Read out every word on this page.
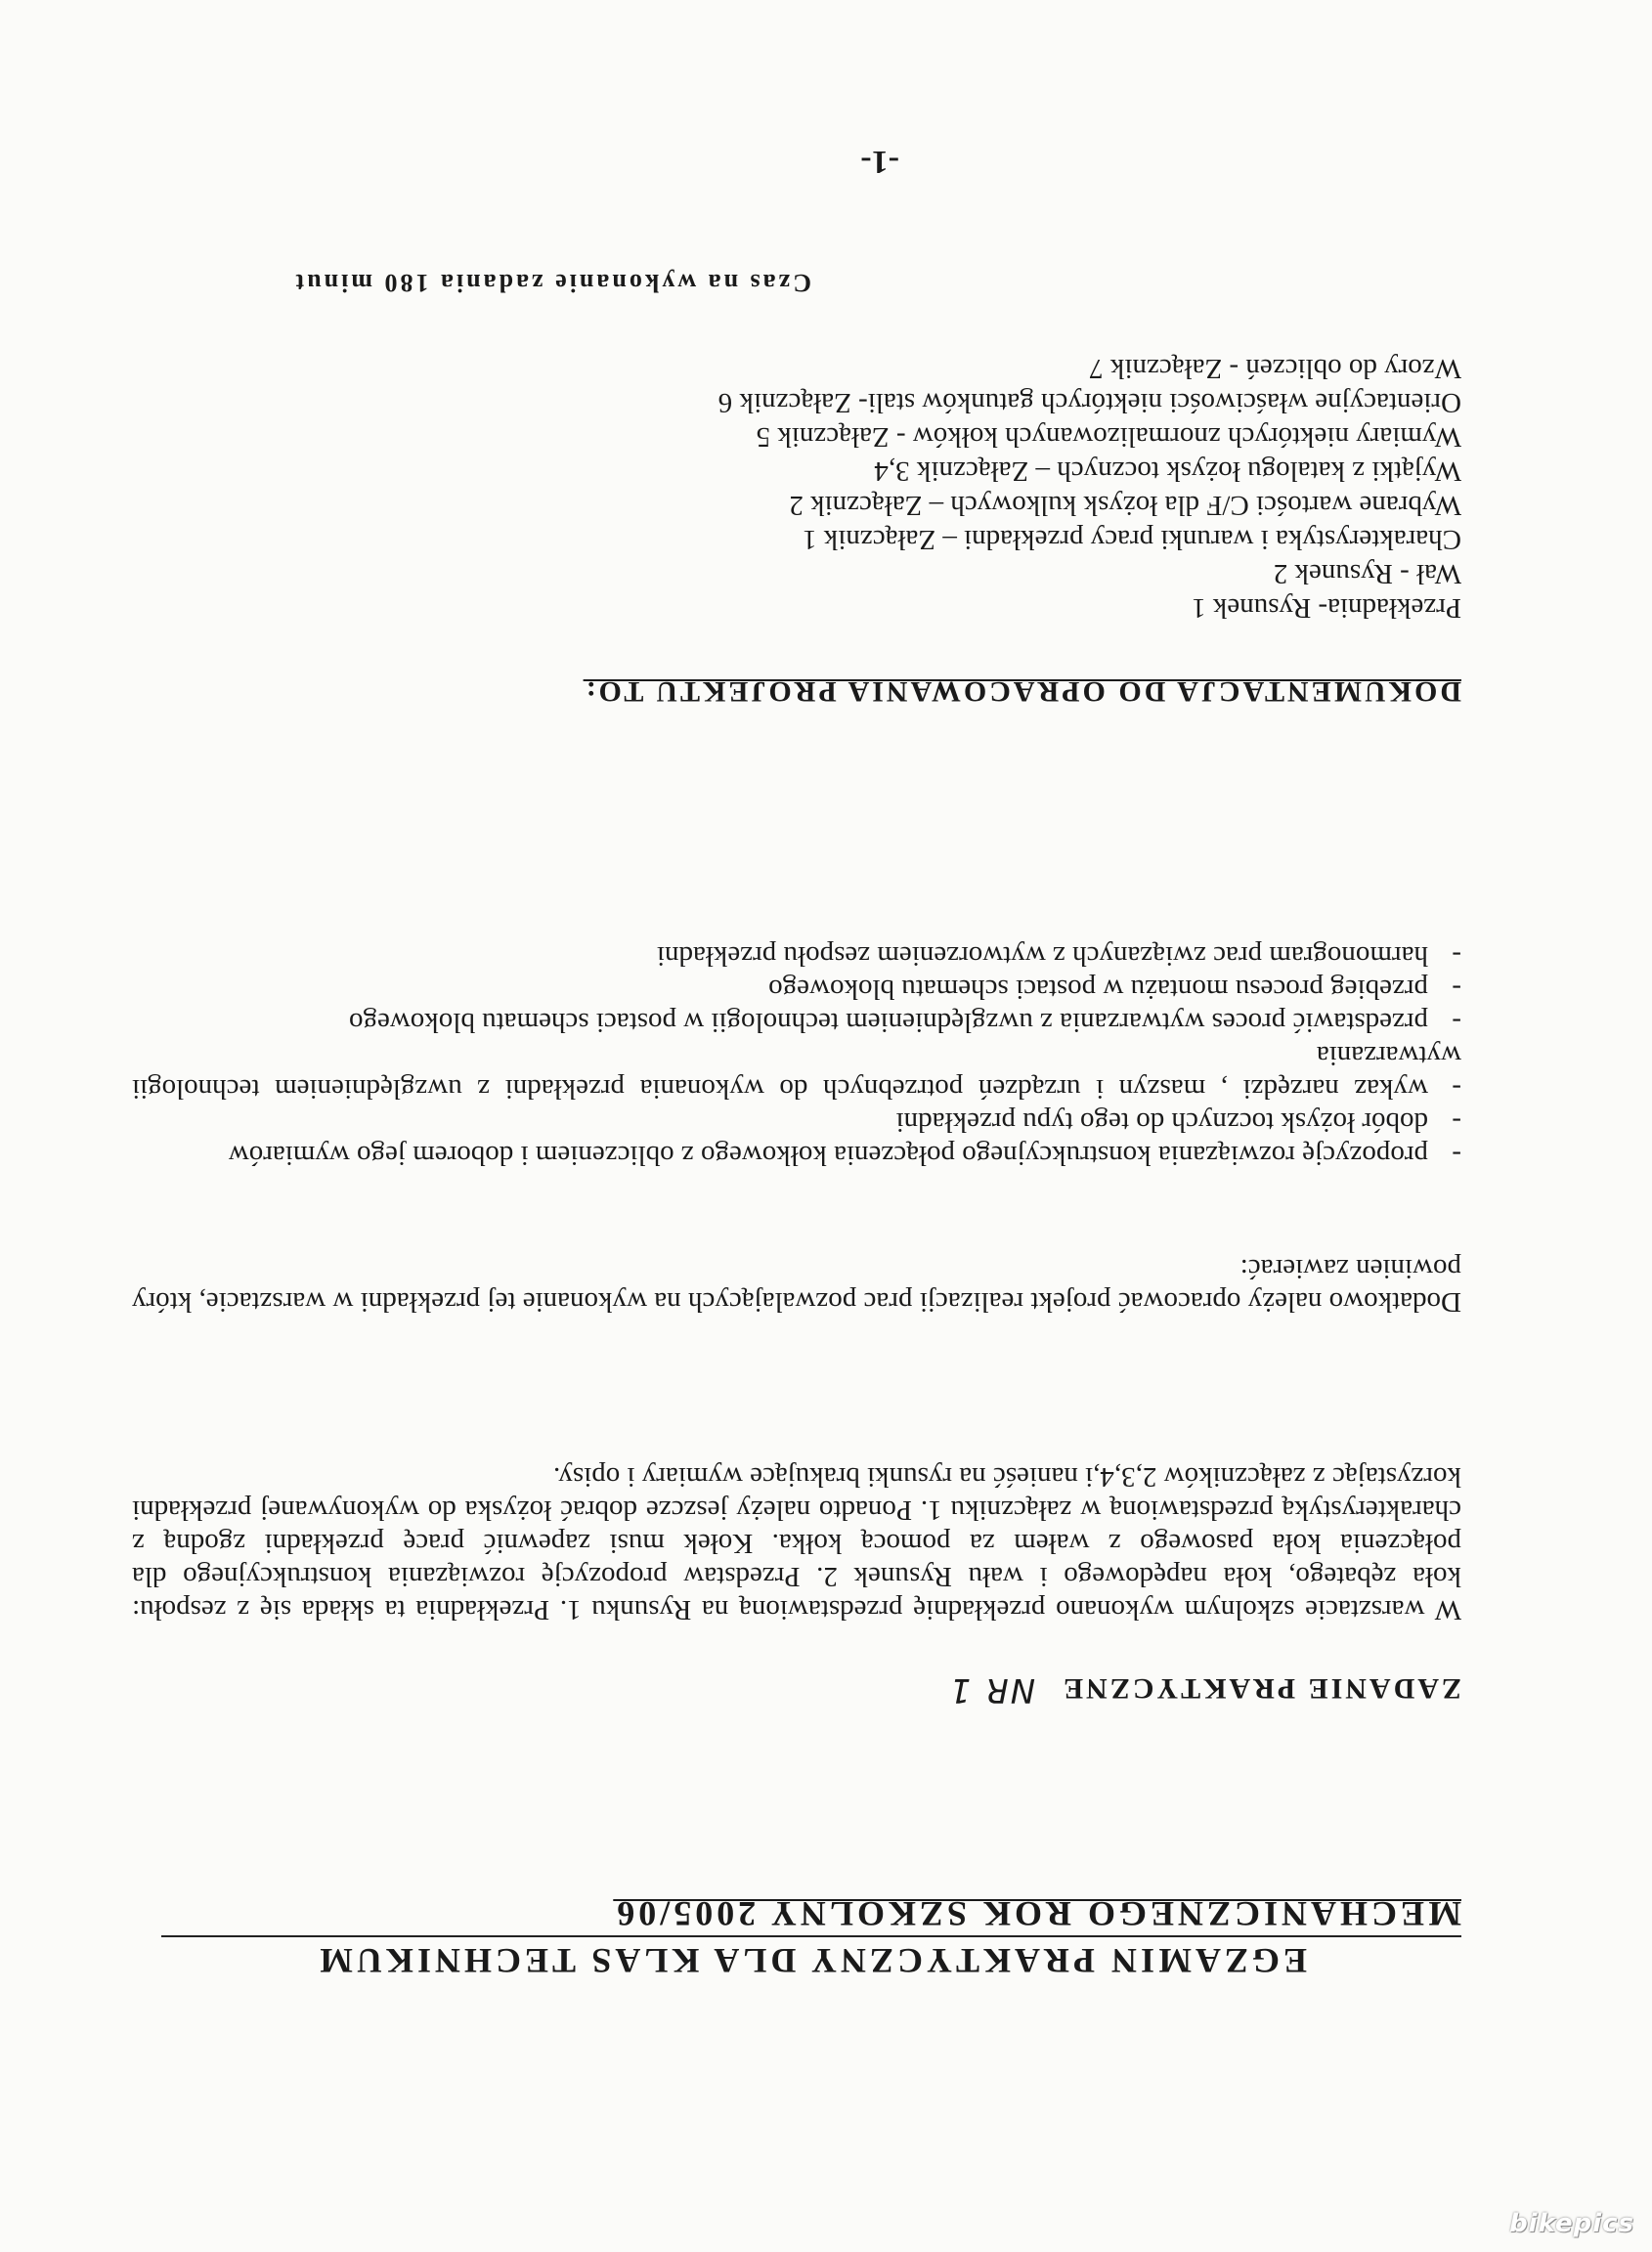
EGZAMIN PRAKTYCZNY DLA KLAS TECHNIKUM
MECHANICZNEGO ROK SZKOLNY 2005/06
ZADANIE PRAKTYCZNENR 1
W warsztacie szkolnym wykonano przekładnię przedstawioną na Rysunku 1. Przekładnia ta składa się z zespołu: koła zębatego, koła napędowego i wału Rysunek 2. Przedstaw propozycję rozwiązania konstrukcyjnego dla połączenia koła pasowego z wałem za pomocą kołka. Kołek musi zapewnić pracę przekładni zgodną z charakterystyką przedstawioną w załączniku 1. Ponadto należy jeszcze dobrać łożyska do wykonywanej przekładni korzystając z załączników 2,3,4,i nanieść na rysunki brakujące wymiary i opisy.
Dodatkowo należy opracować projekt realizacji prac pozwalających na wykonanie tej przekładni w warsztacie, który powinien zawierać:
-propozycję rozwiązania konstrukcyjnego połączenia kołkowego z obliczeniem i doborem jego wymiarów
-dobór łożysk tocznych do tego typu przekładni
-wykaz narzędzi , maszyn i urządzeń potrzebnych do wykonania przekładni z uwzględnieniem technologii wytwarzania
-przedstawić proces wytwarzania z uwzględnieniem technologii w postaci schematu blokowego
-przebieg procesu montażu w postaci schematu blokowego
-harmonogram prac związanych z wytworzeniem zespołu przekładni
DOKUMENTACJA DO OPRACOWANIA PROJEKTU TO:
Przekładnia- Rysunek 1
Wał - Rysunek 2
Charakterystyka i warunki pracy przekładni – Załącznik 1
Wybrane wartości C/F dla łożysk kulkowych – Załącznik 2
Wyjątki z katalogu łożysk tocznych – Załącznik 3,4
Wymiary niektórych znormalizowanych kołków - Załącznik 5
Orientacyjne właściwości niektórych gatunków stali- Załącznik 6
Wzory do obliczeń - Załącznik 7
Czas na wykonanie zadania 180 minut
-1-
bikepics
